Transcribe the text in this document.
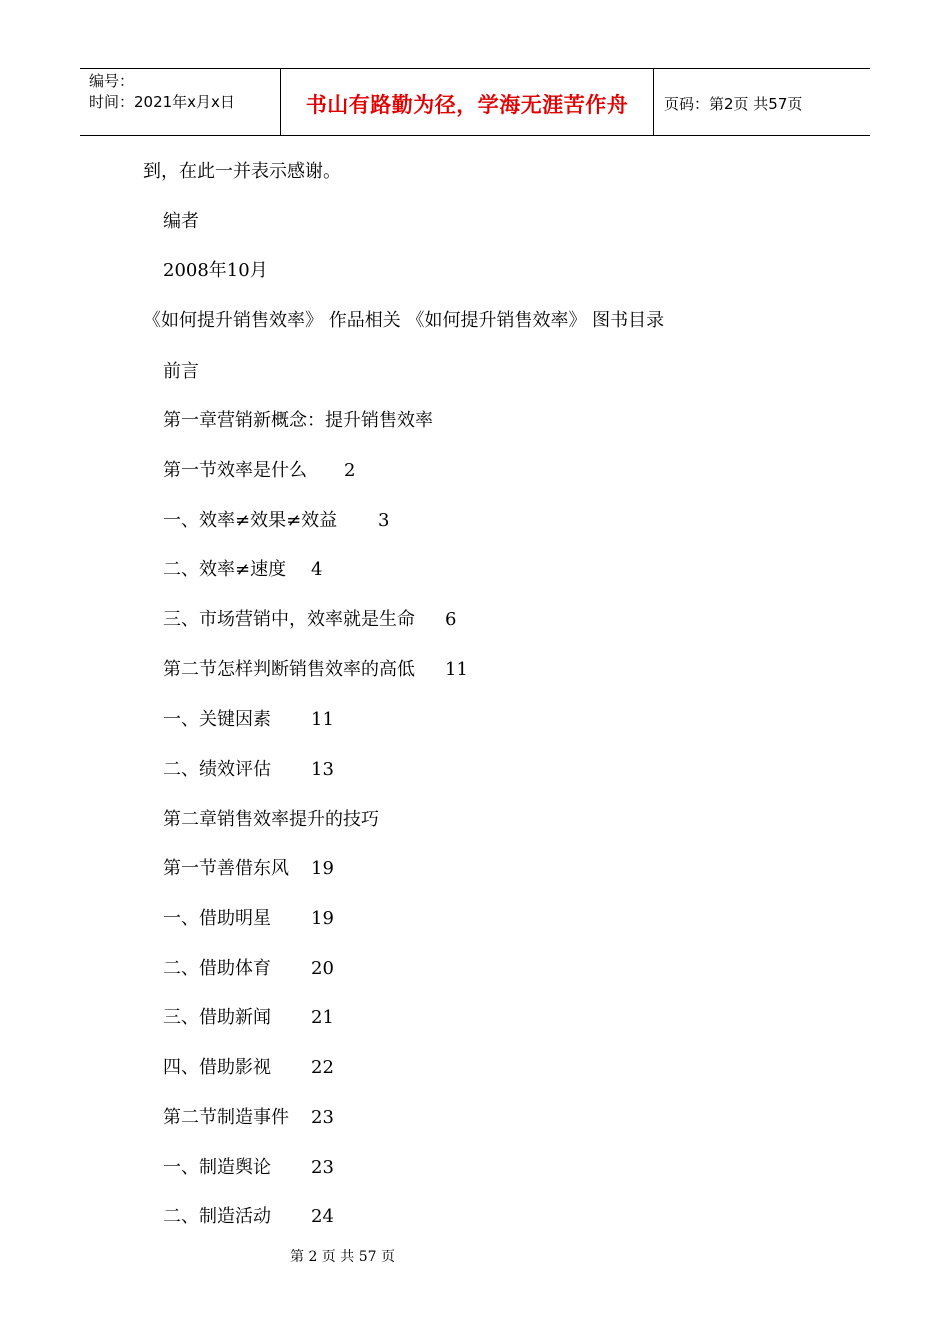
编号：
时间：2021年x月x日	书山有路勤为径，学海无涯苦作舟	页码：第2页 共57页
到，在此一并表示感谢。
编者
2008年10月
《如何提升销售效率》 作品相关 《如何提升销售效率》 图书目录
前言
第一章营销新概念：提升销售效率
第一节效率是什么 2
一、效率≠效果≠效益 3
二、效率≠速度 4
三、市场营销中，效率就是生命 6
第二节怎样判断销售效率的高低 11
一、关键因素 11
二、绩效评估 13
第二章销售效率提升的技巧
第一节善借东风 19
一、借助明星 19
二、借助体育 20
三、借助新闻 21
四、借助影视 22
第二节制造事件 23
一、制造舆论 23
二、制造活动 24
第 2 页 共 57 页
